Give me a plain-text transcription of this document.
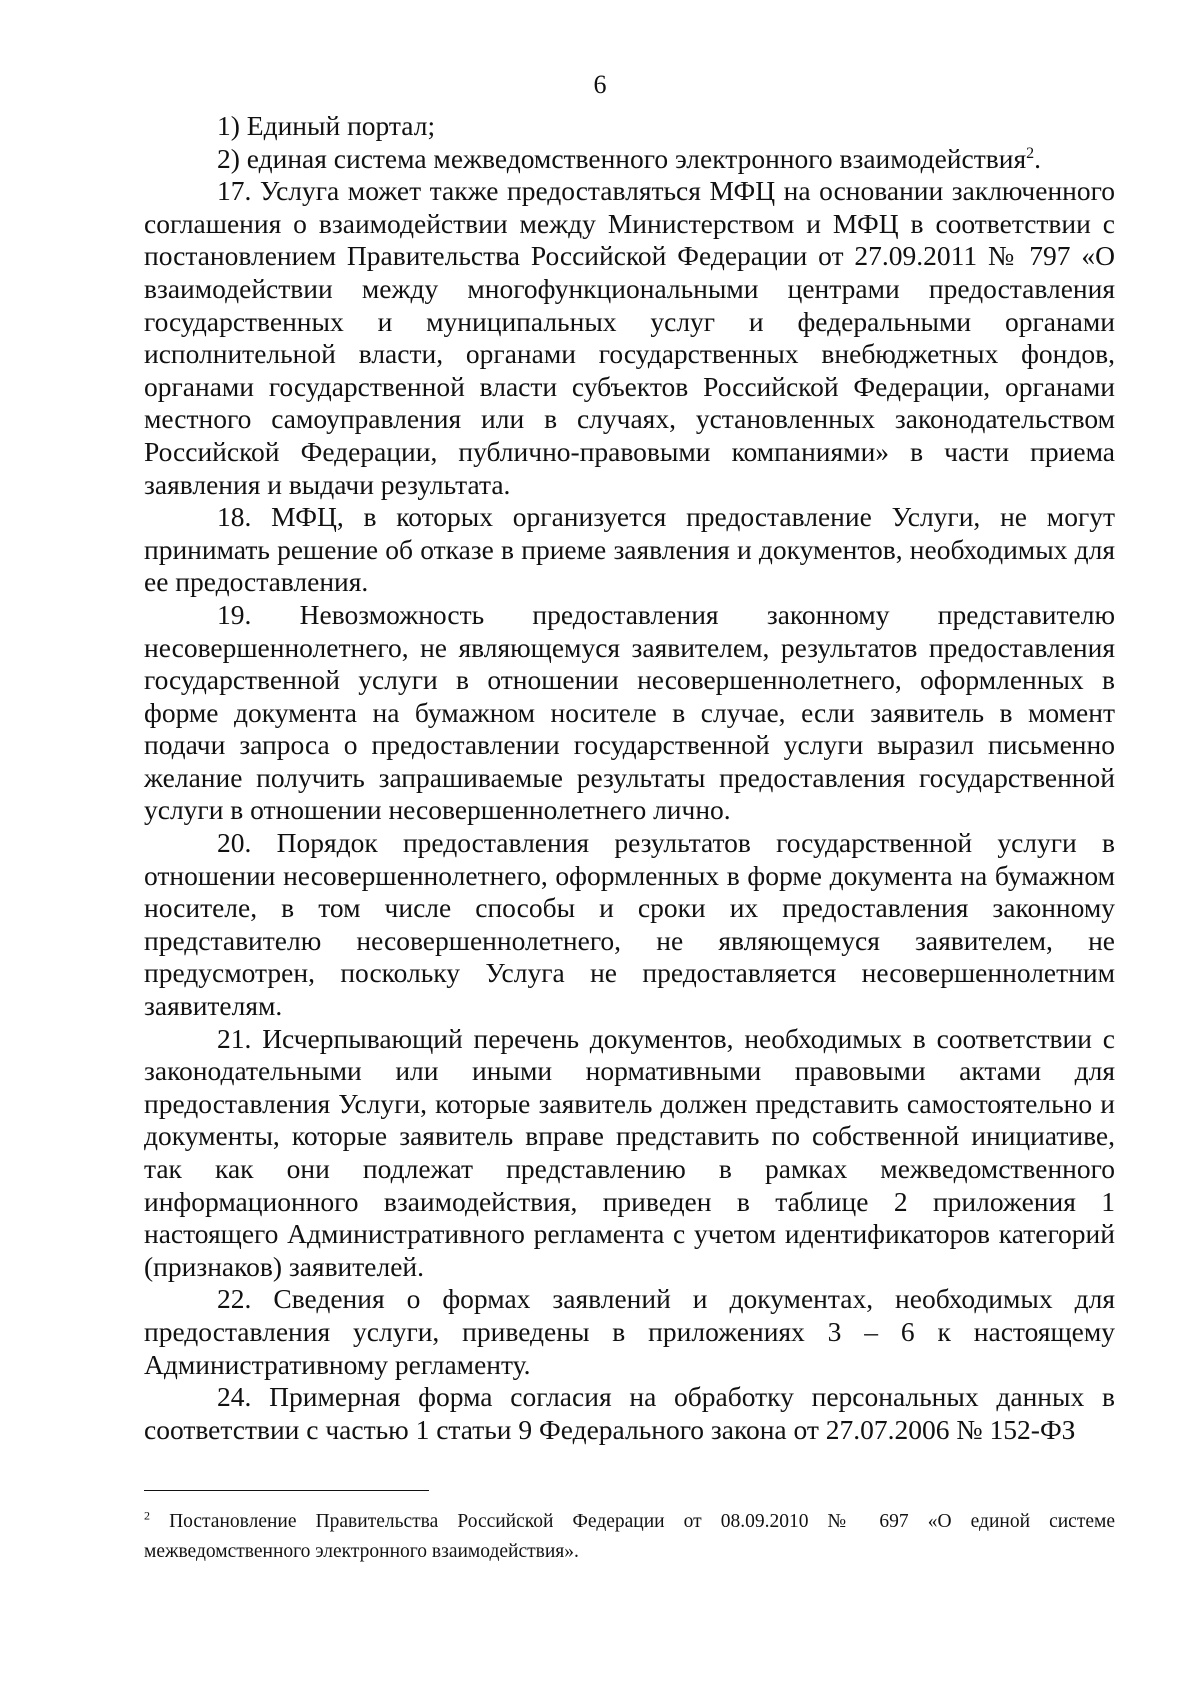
6

1) Единый портал;

2) единая система межведомственного электронного взаимодействия$^2$.

17. Услуга может также предоставляться МФЦ на основании заключенного соглашения о взаимодействии между Министерством и МФЦ в соответствии с постановлением Правительства Российской Федерации от 27.09.2011 № 797 «О взаимодействии между многофункциональными центрами предоставления государственных и муниципальных услуг и федеральными органами исполнительной власти, органами государственных внебюджетных фондов, органами государственной власти субъектов Российской Федерации, органами местного самоуправления или в случаях, установленных законодательством Российской Федерации, публично-правовыми компаниями» в части приема заявления и выдачи результата.

18. МФЦ, в которых организуется предоставление Услуги, не могут принимать решение об отказе в приеме заявления и документов, необходимых для ее предоставления.

19. Невозможность предоставления законному представителю несовершеннолетнего, не являющемуся заявителем, результатов предоставления государственной услуги в отношении несовершеннолетнего, оформленных в форме документа на бумажном носителе в случае, если заявитель в момент подачи запроса о предоставлении государственной услуги выразил письменно желание получить запрашиваемые результаты предоставления государственной услуги в отношении несовершеннолетнего лично.

20. Порядок предоставления результатов государственной услуги в отношении несовершеннолетнего, оформленных в форме документа на бумажном носителе, в том числе способы и сроки их предоставления законному представителю несовершеннолетнего, не являющемуся заявителем, не предусмотрен, поскольку Услуга не предоставляется несовершеннолетним заявителям.

21. Исчерпывающий перечень документов, необходимых в соответствии с законодательными или иными нормативными правовыми актами для предоставления Услуги, которые заявитель должен представить самостоятельно и документы, которые заявитель вправе представить по собственной инициативе, так как они подлежат представлению в рамках межведомственного информационного взаимодействия, приведен в таблице 2 приложения 1 настоящего Административного регламента с учетом идентификаторов категорий (признаков) заявителей.

22. Сведения о формах заявлений и документах, необходимых для предоставления услуги, приведены в приложениях 3 – 6 к настоящему Административному регламенту.

24. Примерная форма согласия на обработку персональных данных в соответствии с частью 1 статьи 9 Федерального закона от 27.07.2006 № 152-ФЗ

$^2$ Постановление Правительства Российской Федерации от 08.09.2010 № 697 «О единой системе межведомственного электронного взаимодействия».
